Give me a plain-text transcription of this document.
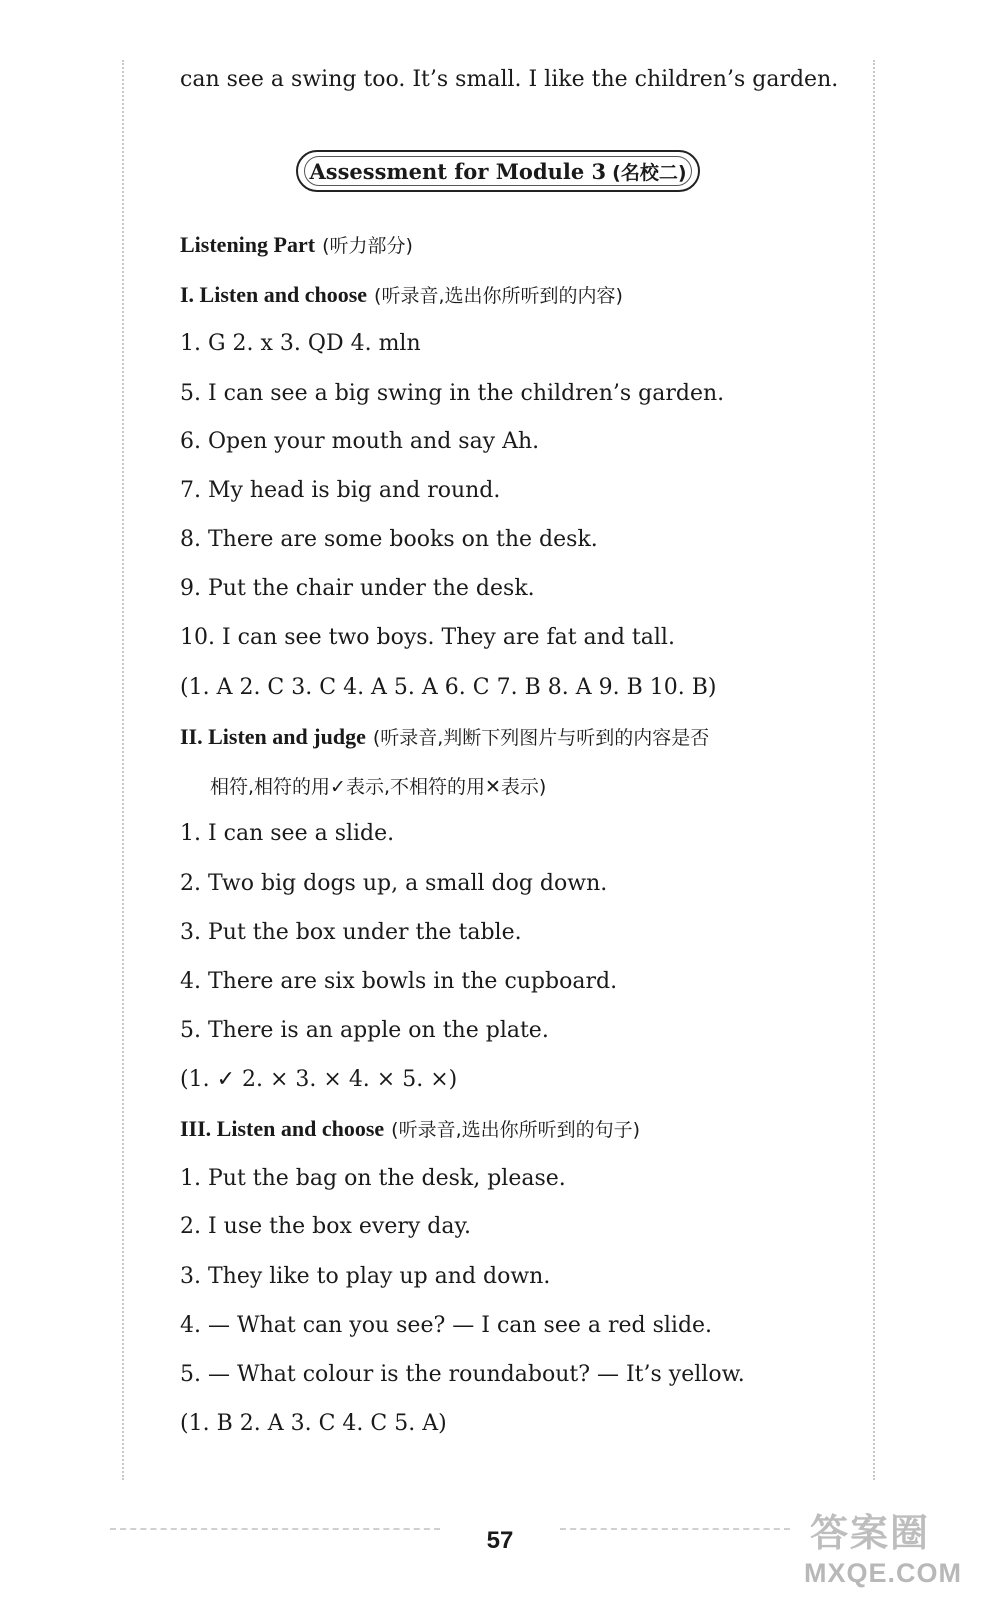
can see a swing too. It’s small. I like the children’s garden.
Assessment for Module 3 (名校二)
Listening Part (听力部分)
I. Listen and choose (听录音,选出你所听到的内容)
1. G 2. x 3. QD 4. mln
5. I can see a big swing in the children’s garden.
6. Open your mouth and say Ah.
7. My head is big and round.
8. There are some books on the desk.
9. Put the chair under the desk.
10. I can see two boys. They are fat and tall.
(1. A 2. C 3. C 4. A 5. A 6. C 7. B 8. A 9. B 10. B)
II. Listen and judge (听录音,判断下列图片与听到的内容是否
相符,相符的用✓表示,不相符的用✕表示)
1. I can see a slide.
2. Two big dogs up, a small dog down.
3. Put the box under the table.
4. There are six bowls in the cupboard.
5. There is an apple on the plate.
(1. ✓ 2. × 3. × 4. × 5. ×)
III. Listen and choose (听录音,选出你所听到的句子)
1. Put the bag on the desk, please.
2. I use the box every day.
3. They like to play up and down.
4. — What can you see? — I can see a red slide.
5. — What colour is the roundabout? — It’s yellow.
(1. B 2. A 3. C 4. C 5. A)
57	答案圈
MXQE.COM
